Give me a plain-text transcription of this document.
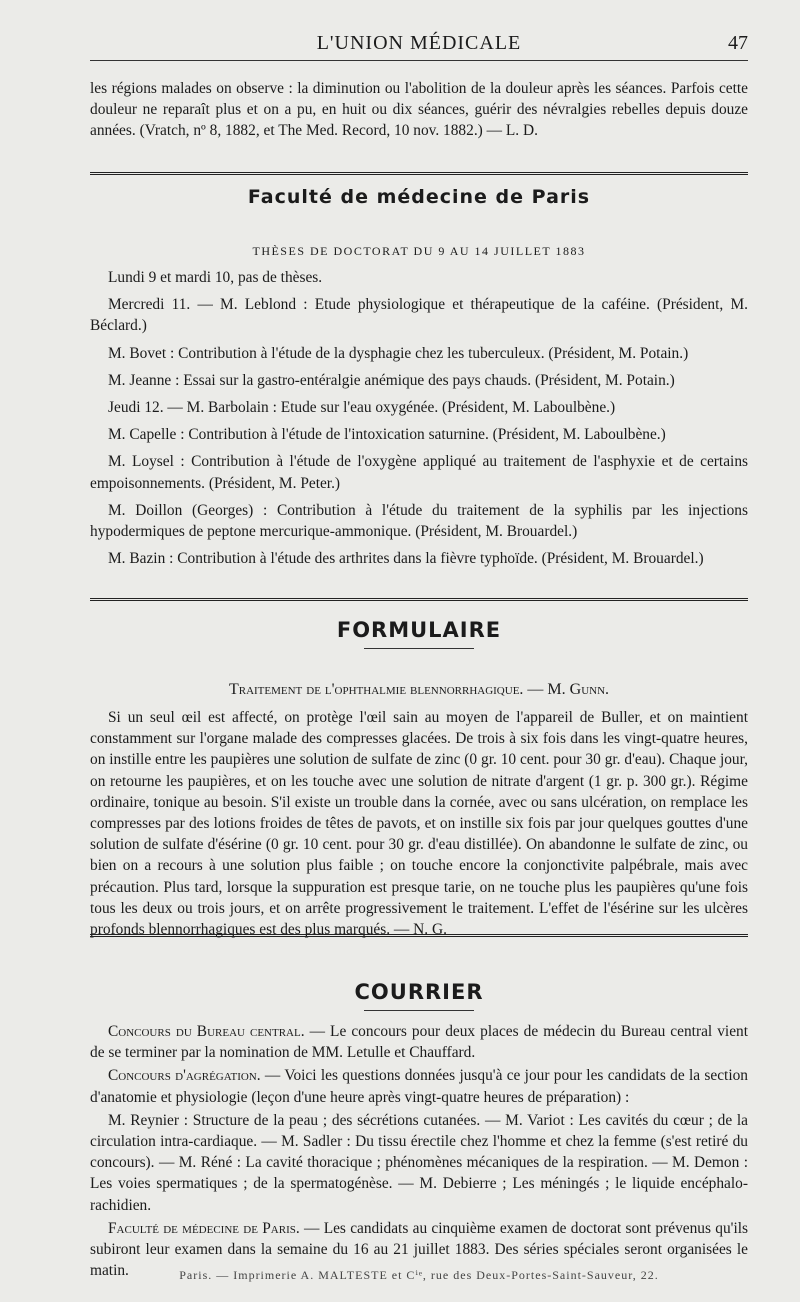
L'UNION MÉDICALE	47

les régions malades on observe : la diminution ou l'abolition de la douleur après les séances. Parfois cette douleur ne reparaît plus et on a pu, en huit ou dix séances, guérir des névralgies rebelles depuis douze années. (Vratch, nº 8, 1882, et The Med. Record, 10 nov. 1882.) — L. D.

Faculté de médecine de Paris
THÈSES DE DOCTORAT DU 9 AU 14 JUILLET 1883

Lundi 9 et mardi 10, pas de thèses.

Mercredi 11. — M. Leblond : Etude physiologique et thérapeutique de la caféine. (Président, M. Béclard.)

M. Bovet : Contribution à l'étude de la dysphagie chez les tuberculeux. (Président, M. Potain.)

M. Jeanne : Essai sur la gastro-entéralgie anémique des pays chauds. (Président, M. Potain.)

Jeudi 12. — M. Barbolain : Etude sur l'eau oxygénée. (Président, M. Laboulbène.)

M. Capelle : Contribution à l'étude de l'intoxication saturnine. (Président, M. Laboulbène.)

M. Loysel : Contribution à l'étude de l'oxygène appliqué au traitement de l'asphyxie et de certains empoisonnements. (Président, M. Peter.)

M. Doillon (Georges) : Contribution à l'étude du traitement de la syphilis par les injections hypodermiques de peptone mercurique-ammonique. (Président, M. Brouardel.)

M. Bazin : Contribution à l'étude des arthrites dans la fièvre typhoïde. (Président, M. Brouardel.)

FORMULAIRE
Traitement de l'ophthalmie blennorrhagique. — M. Gunn.

Si un seul œil est affecté, on protège l'œil sain au moyen de l'appareil de Buller, et on maintient constamment sur l'organe malade des compresses glacées. De trois à six fois dans les vingt-quatre heures, on instille entre les paupières une solution de sulfate de zinc (0 gr. 10 cent. pour 30 gr. d'eau). Chaque jour, on retourne les paupières, et on les touche avec une solution de nitrate d'argent (1 gr. p. 300 gr.). Régime ordinaire, tonique au besoin. S'il existe un trouble dans la cornée, avec ou sans ulcération, on remplace les compresses par des lotions froides de têtes de pavots, et on instille six fois par jour quelques gouttes d'une solution de sulfate d'ésérine (0 gr. 10 cent. pour 30 gr. d'eau distillée). On abandonne le sulfate de zinc, ou bien on a recours à une solution plus faible ; on touche encore la conjonctivite palpébrale, mais avec précaution. Plus tard, lorsque la suppuration est presque tarie, on ne touche plus les paupières qu'une fois tous les deux ou trois jours, et on arrête progressivement le traitement. L'effet de l'ésérine sur les ulcères profonds blennorrhagiques est des plus marqués. — N. G.

COURRIER

Concours du Bureau central. — Le concours pour deux places de médecin du Bureau central vient de se terminer par la nomination de MM. Letulle et Chauffard.

Concours d'agrégation. — Voici les questions données jusqu'à ce jour pour les candidats de la section d'anatomie et physiologie (leçon d'une heure après vingt-quatre heures de préparation) :

M. Reynier : Structure de la peau ; des sécrétions cutanées. — M. Variot : Les cavités du cœur ; de la circulation intra-cardiaque. — M. Sadler : Du tissu érectile chez l'homme et chez la femme (s'est retiré du concours). — M. Réné : La cavité thoracique ; phénomènes mécaniques de la respiration. — M. Demon : Les voies spermatiques ; de la spermatogénèse. — M. Debierre ; Les méningés ; le liquide encéphalo-rachidien.

Faculté de médecine de Paris. — Les candidats au cinquième examen de doctorat sont prévenus qu'ils subiront leur examen dans la semaine du 16 au 21 juillet 1883. Des séries spéciales seront organisées le matin.	Paris. — Imprimerie A. MALTESTE et Cⁱᵉ, rue des Deux-Portes-Saint-Sauveur, 22.
